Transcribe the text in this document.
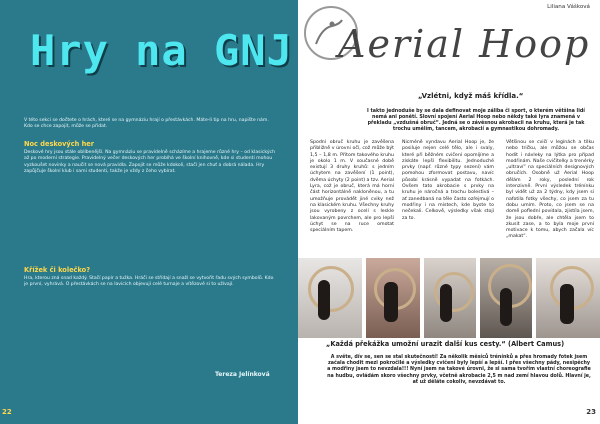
Hry na GNJ

V této sekci se dočtete o hrách, které se na gymnáziu hrají o přestávkách. Máte-li tip na hru, napište nám. Kdo se chce zapojit, může se přidat.

Noc deskových her

Deskové hry jsou stále oblíbenější. Na gymnáziu se pravidelně scházíme a hrajeme různé hry – od klasických až po moderní strategie. Pravidelný večer deskových her probíhá ve školní knihovně, kde si studenti mohou vyzkoušet novinky a naučit se nová pravidla. Zapojit se může kdokoli, stačí jen chuť a dobrá nálada. Hry zapůjčuje školní klub i sami studenti, takže je vždy z čeho vybírat.

Křížek či kolečko?

Hra, kterou zná snad každý. Stačí papír a tužka. Hráči se střídají a snaží se vytvořit řadu svých symbolů. Kdo je první, vyhrává. O přestávkách se na lavicích objevují celé turnaje a vítězové si to užívají.

Tereza Jelínková
22
Liliana Vášková
Aerial Hoop
„Vzlétni, když máš křídla.“

I takto jednoduše by se dala definovat moje záliba či sport, o kterém většina lidí nemá ani ponětí. Slovní spojení Aerial Hoop nebo někdy také lyra znamená v překladu „vzdušná obruč“. Jedná se o závěsnou akrobacii na kruhu, která je tak trochu umělím, tancem, akrobacií a gymnastikou dohromady.

Spodní obruč kruhu je zavěšena přibližně v úrovni očí, což může být 1,5 – 1,8 m. Přitom takového kruhu je okolo 1 m. V současné době existují 3 druhy kruhů: s jedním úchytem na zavěšení (1 point), dvěma úchyty (2 point) a tzv. Aerial Lyra, což je obruč, která má horní část horizontálně nakloněnou, a tu umožňuje provádět jiné cviky než na klasickém kruhu. Všechny kruhy jsou vyrobeny z ocelí s leskle lakovaným povrchem, ale pro lepší úchyt se na ruce omotat speciálním tapem.

Nicméně vyndavu Aerial Hoop je, že posiluje nejen celé tělo, ale i svaly, které při běžném cvičení opomíjíme a získáte lepší flexibilitu. Jednoduché prvky (např. různé typy sezení) vám pomohou zformovat postavu, navíc působí krásně vypadat na fotkách. Ovšem tato akrobacie s prvky na kruhu je náročná a trochu bolestivá – ať zanedbaná na těle často ozřejmují o modřiny i na místech, kde byste to nečekali. Celkově, výsledky však stojí za to.

Většinou se cvičí v legínách a tílku nebo tričku, ale můžou se občas hodit i návleky na lýtka pro případ modřinám. Naše cvičitelky a trenérky „ultraví“ na speciálních designových obručích. Osobně už Aerial Hoop dělám 2 roky, poslední rok intenzivně. První výsledek trénínku byl vidět už za 2 týdny, kdy jsem si nafotila fotky všechy, co jsem za tu dobu umím. Proto, co jsem se na domě poflední povídala, zjistíla jsem, že jsou dobře, ale chtěla jsem to zkusit zase, a to byla moje první motivace k tomu, abych začala víc „makat“.

„Každá překážka umožní urazit další kus cesty.“ (Albert Camus)

A světe, dív se, sen se stal skutečností! Za několik měsíců trénínků a přes hromady fotek jsem začala chodit mezi pokročilé a výsledky cvičení byly lepší a lepší. I přes všechny pády, nesipěchy a modřiny jsem to nevzdala!!! Nyní jsem na takové úrovni, že si sama tvořím vlastní choreografie na hudbu, ovládám skoro všechny prvky, včetně akrobacie 2,5 m nad zemí hlavou dolů. Hlavní je, ať už děláte cokoliv, nevzdávat to.

23
